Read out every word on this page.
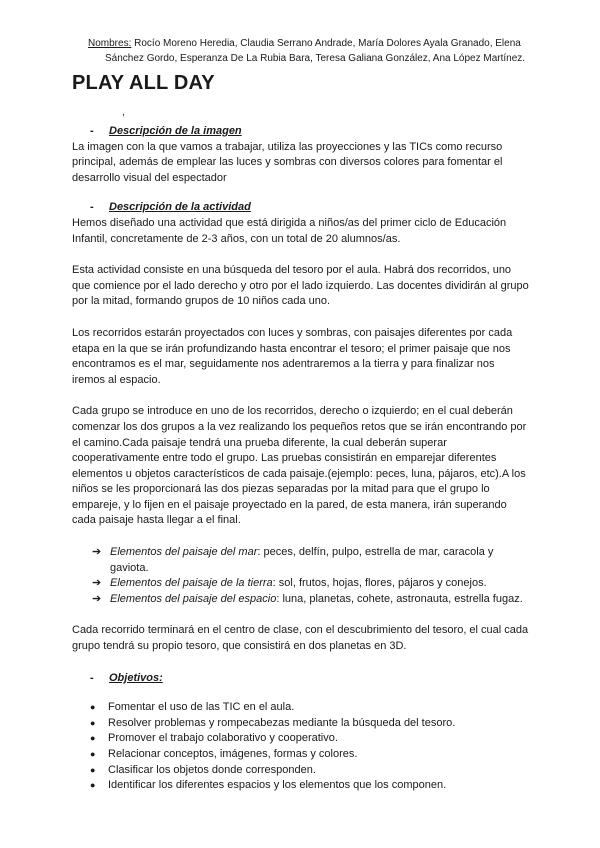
Nombres: Rocío Moreno Heredia, Claudia Serrano Andrade, María Dolores Ayala Granado, Elena
Sánchez Gordo, Esperanza De La Rubia Bara, Teresa Galiana González, Ana López Martínez.
PLAY ALL DAY
,
-	Descripción de la imagen

La imagen con la que vamos a trabajar, utiliza las proyecciones y las TICs como recurso principal, además de emplear las luces y sombras con diversos colores para fomentar el desarrollo visual del espectador

-	Descripción de la actividad

Hemos diseñado una actividad que está dirigida a niños/as del primer ciclo de Educación Infantil, concretamente de 2-3 años, con un total de 20 alumnos/as.

Esta actividad consiste en una búsqueda del tesoro por el aula. Habrá dos recorridos, uno que comience por el lado derecho y otro por el lado izquierdo. Las docentes dividirán al grupo por la mitad, formando grupos de 10 niños cada uno.

Los recorridos estarán proyectados con luces y sombras, con paisajes diferentes por cada etapa en la que se irán profundizando hasta encontrar el tesoro; el primer paisaje que nos encontramos es el mar, seguidamente nos adentraremos a la tierra y para finalizar nos iremos al espacio.

Cada grupo se introduce en uno de los recorridos, derecho o izquierdo; en el cual deberán comenzar los dos grupos a la vez realizando los pequeños retos que se irán encontrando por el camino.Cada paisaje tendrá una prueba diferente, la cual deberán superar cooperativamente entre todo el grupo. Las pruebas consistirán en emparejar diferentes elementos u objetos característicos de cada paisaje.(ejemplo: peces, luna, pájaros, etc).A los niños se les proporcionará las dos piezas separadas por la mitad para que el grupo lo empareje, y lo fijen en el paisaje proyectado en la pared, de esta manera, irán superando cada paisaje hasta llegar a el final.

➔ Elementos del paisaje del mar: peces, delfín, pulpo, estrella de mar, caracola y gaviota.
➔ Elementos del paisaje de la tierra: sol, frutos, hojas, flores, pájaros y conejos.
➔ Elementos del paisaje del espacio: luna, planetas, cohete, astronauta, estrella fugaz.

Cada recorrido terminará en el centro de clase, con el descubrimiento del tesoro, el cual cada grupo tendrá su propio tesoro, que consistirá en dos planetas en 3D.

-	Objetivos:
●	Fomentar el uso de las TIC en el aula.
●	Resolver problemas y rompecabezas mediante la búsqueda del tesoro.
●	Promover el trabajo colaborativo y cooperativo.
●	Relacionar conceptos, imágenes, formas y colores.
●	Clasificar los objetos donde corresponden.
●	Identificar los diferentes espacios y los elementos que los componen.
